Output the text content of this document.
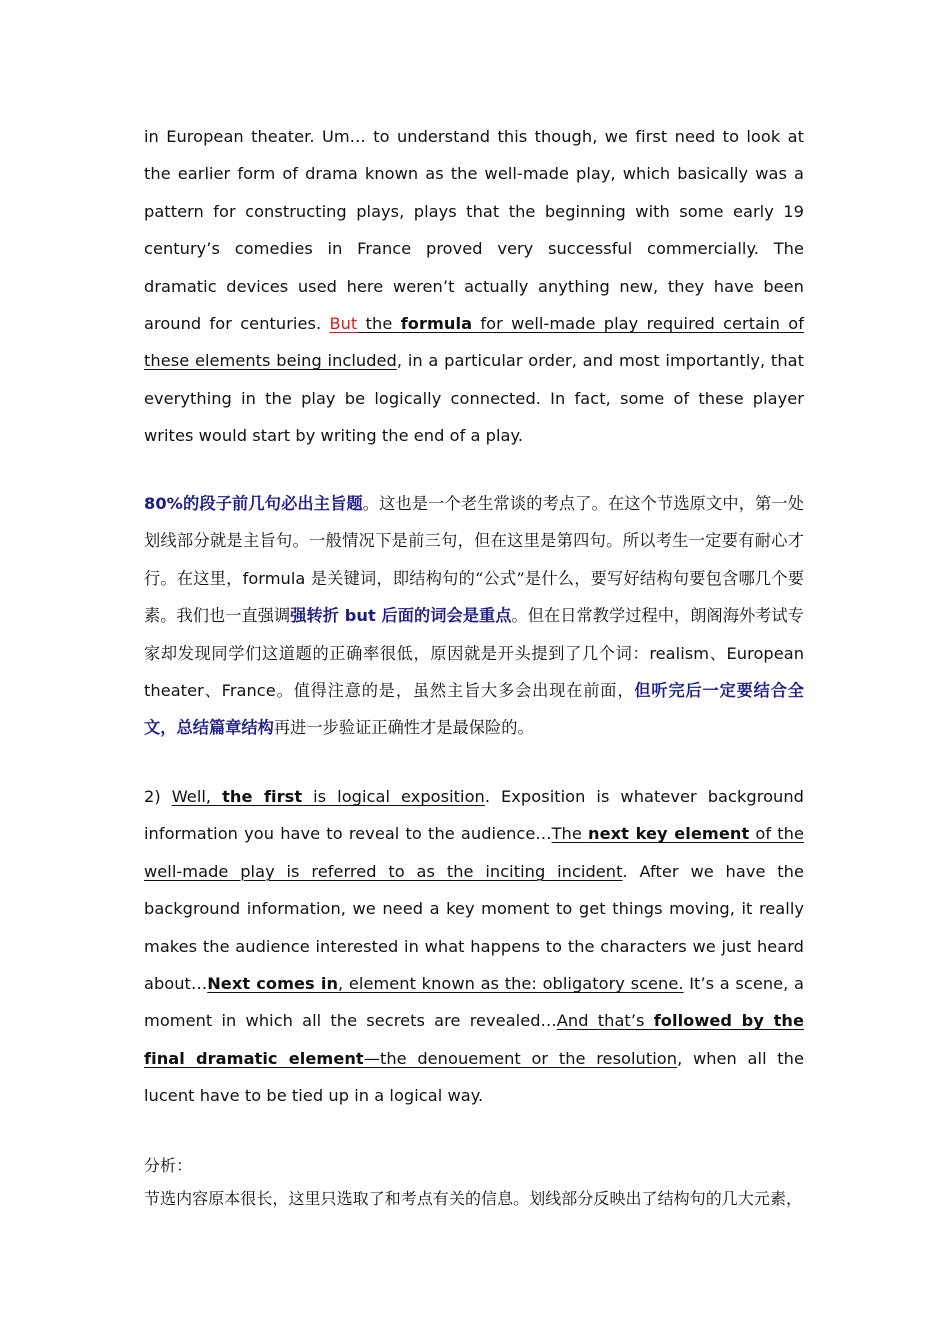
in European theater. Um… to understand this though, we first need to look at the earlier form of drama known as the well-made play, which basically was a pattern for constructing plays, plays that the beginning with some early 19 century’s comedies in France proved very successful commercially. The dramatic devices used here weren’t actually anything new, they have been around for centuries. But the formula for well-made play required certain of these elements being included, in a particular order, and most importantly, that everything in the play be logically connected. In fact, some of these player writes would start by writing the end of a play.

80%的段子前几句必出主旨题。这也是一个老生常谈的考点了。在这个节选原文中，第一处划线部分就是主旨句。一般情况下是前三句，但在这里是第四句。所以考生一定要有耐心才行。在这里，formula 是关键词，即结构句的“公式”是什么，要写好结构句要包含哪几个要素。我们也一直强调强转折 but 后面的词会是重点。但在日常教学过程中，朗阁海外考试专家却发现同学们这道题的正确率很低，原因就是开头提到了几个词：realism、European theater、France。值得注意的是，虽然主旨大多会出现在前面，但听完后一定要结合全文，总结篇章结构再进一步验证正确性才是最保险的。

2) Well, the first is logical exposition. Exposition is whatever background information you have to reveal to the audience…The next key element of the well-made play is referred to as the inciting incident. After we have the background information, we need a key moment to get things moving, it really makes the audience interested in what happens to the characters we just heard about…Next comes in, element known as the: obligatory scene. It’s a scene, a moment in which all the secrets are revealed…And that’s followed by the final dramatic element—the denouement or the resolution, when all the lucent have to be tied up in a logical way.

分析：

节选内容原本很长，这里只选取了和考点有关的信息。划线部分反映出了结构句的几大元素，
